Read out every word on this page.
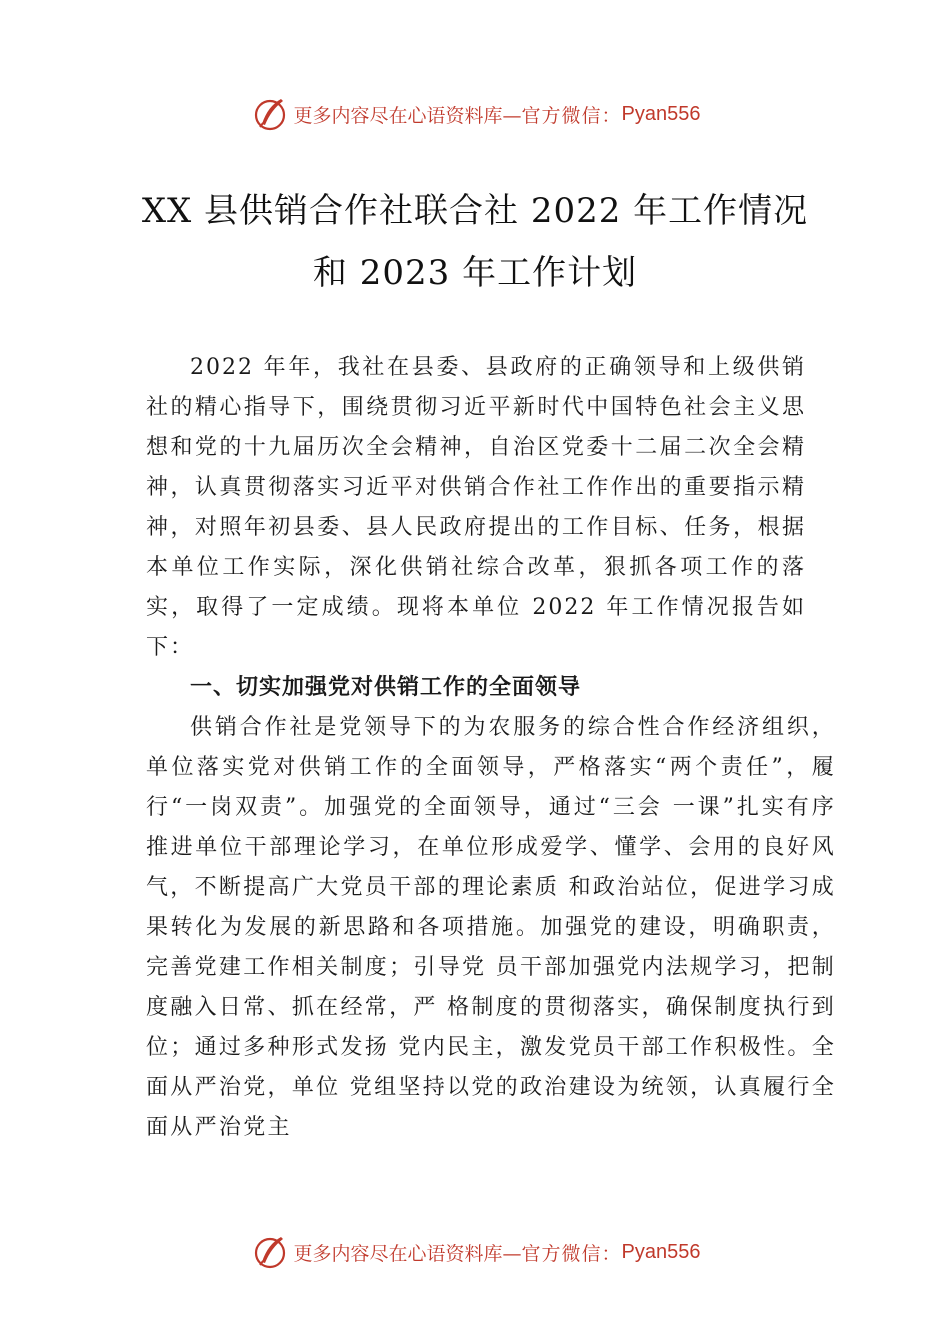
更多内容尽在心语资料库— 官方微信： Pyan556
XX 县供销合作社联合社 2022 年工作情况
和 2023 年工作计划

2022 年年，我社在县委、县政府的正确领导和上级供销社的精心指导下，围绕贯彻习近平新时代中国特色社会主义思想和党的十九届历次全会精神，自治区党委十二届二次全会精神，认真贯彻落实习近平对供销合作社工作作出的重要指示精神，对照年初县委、县人民政府提出的工作目标、任务，根据本单位工作实际，深化供销社综合改革，狠抓各项工作的落实，取得了一定成绩。现将本单位 2022 年工作情况报告如下：

一、切实加强党对供销工作的全面领导

供销合作社是党领导下的为农服务的综合性合作经济组织，单位落实党对供销工作的全面领导，严格落实“两个责任”，履行“一岗双责”。加强党的全面领导，通过“三会 一课”扎实有序推进单位干部理论学习，在单位形成爱学、懂学、会用的良好风气，不断提高广大党员干部的理论素质 和政治站位，促进学习成果转化为发展的新思路和各项措施。加强党的建设，明确职责，完善党建工作相关制度；引导党 员干部加强党内法规学习，把制度融入日常、抓在经常，严 格制度的贯彻落实，确保制度执行到位；通过多种形式发扬 党内民主，激发党员干部工作积极性。全面从严治党，单位 党组坚持以党的政治建设为统领，认真履行全面从严治党主

更多内容尽在心语资料库— 官方微信： Pyan556
